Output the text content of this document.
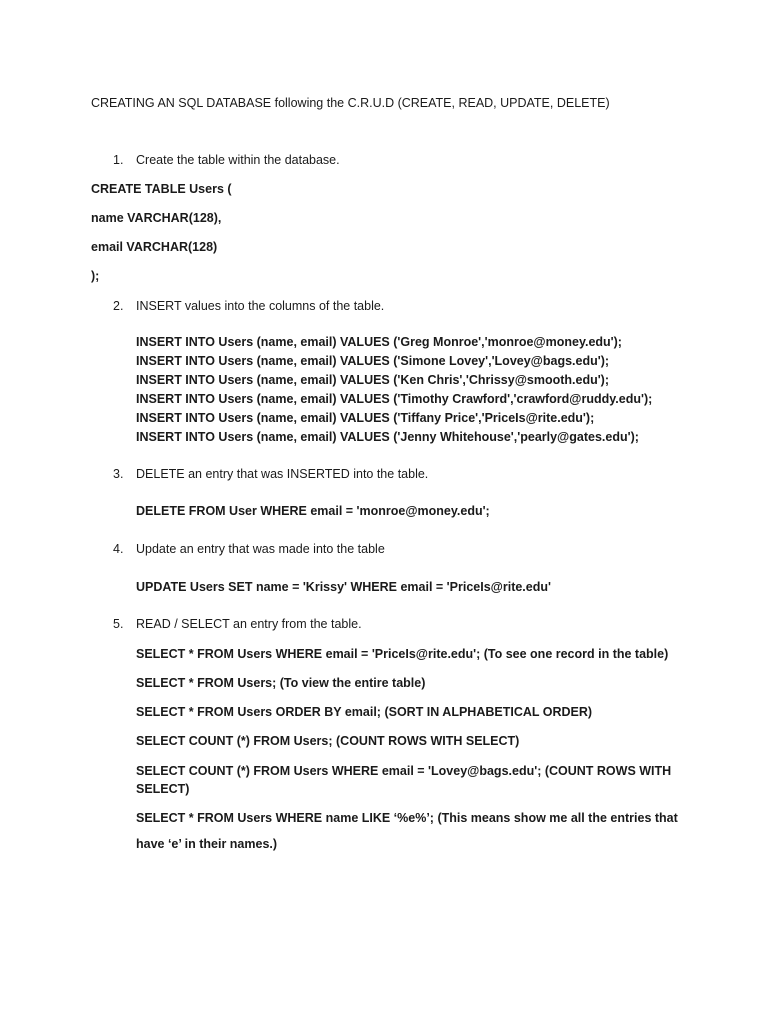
CREATING AN SQL DATABASE following the C.R.U.D (CREATE, READ, UPDATE, DELETE)
1. Create the table within the database.
CREATE TABLE Users (
name VARCHAR(128),
email VARCHAR(128)
);
2. INSERT values into the columns of the table.
INSERT INTO Users (name, email) VALUES ('Greg Monroe','monroe@money.edu');
INSERT INTO Users (name, email) VALUES ('Simone Lovey','Lovey@bags.edu');
INSERT INTO Users (name, email) VALUES ('Ken Chris','Chrissy@smooth.edu');
INSERT INTO Users (name, email) VALUES ('Timothy Crawford','crawford@ruddy.edu');
INSERT INTO Users (name, email) VALUES ('Tiffany Price','PriceIs@rite.edu');
INSERT INTO Users (name, email) VALUES ('Jenny Whitehouse','pearly@gates.edu');
3. DELETE an entry that was INSERTED into the table.
DELETE FROM User WHERE email = 'monroe@money.edu';
4. Update an entry that was made into the table
UPDATE Users SET name = 'Krissy' WHERE email = 'PriceIs@rite.edu'
5. READ / SELECT an entry from the table.
SELECT * FROM Users WHERE email = 'PriceIs@rite.edu'; (To see one record in the table)
SELECT * FROM Users; (To view the entire table)
SELECT * FROM Users ORDER BY email; (SORT IN ALPHABETICAL ORDER)
SELECT COUNT (*) FROM Users; (COUNT ROWS WITH SELECT)
SELECT COUNT (*) FROM Users WHERE email = 'Lovey@bags.edu'; (COUNT ROWS WITH
SELECT)
SELECT * FROM Users WHERE name LIKE ‘%e%’; (This means show me all the entries that
have ‘e’ in their names.)
